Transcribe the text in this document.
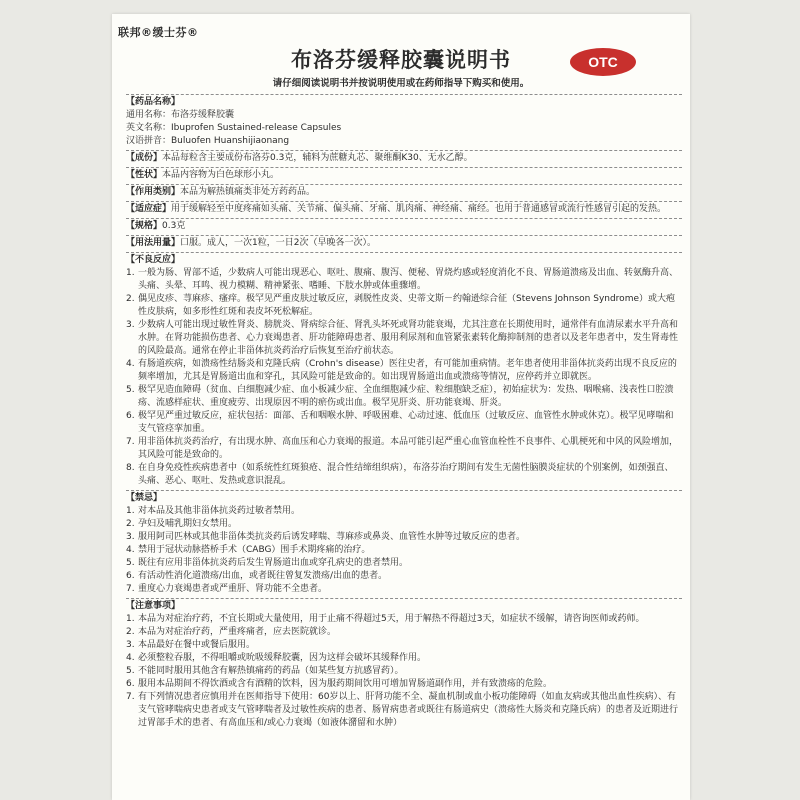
联邦®缓士芬®
布洛芬缓释胶囊说明书	OTC
请仔细阅读说明书并按说明使用或在药师指导下购买和使用。
【药品名称】
通用名称：布洛芬缓释胶囊
英文名称：Ibuprofen Sustained-release Capsules
汉语拼音：Buluofen Huanshijiaonang
【成份】本品每粒含主要成份布洛芬0.3克，辅料为蔗糖丸芯、聚维酮K30、无水乙醇。
【性状】本品内容物为白色球形小丸。
【作用类别】本品为解热镇痛类非处方药药品。
【适应症】用于缓解轻至中度疼痛如头痛、关节痛、偏头痛、牙痛、肌肉痛、神经痛、痛经。也用于普通感冒或流行性感冒引起的发热。
【规格】0.3克
【用法用量】口服。成人，一次1粒，一日2次（早晚各一次）。
【不良反应】
1. 一般为肠、胃部不适，少数病人可能出现恶心、呕吐、腹痛、腹泻、便秘、胃烧灼感或轻度消化不良、胃肠道溃疡及出血、转氨酶升高、头痛、头晕、耳鸣、视力模糊、精神紧张、嗜睡、下肢水肿或体重骤增。
2. 偶见皮疹、荨麻疹、瘙痒。极罕见严重皮肤过敏反应，剥脱性皮炎、史蒂文斯－约翰逊综合征（Stevens Johnson Syndrome）或大疱性皮肤病，如多形性红斑和表皮坏死松解症。
3. 少数病人可能出现过敏性肾炎、膀胱炎、肾病综合征、肾乳头坏死或肾功能衰竭，尤其注意在长期使用时，通常伴有血清尿素水平升高和水肿。在肾功能损伤患者、心力衰竭患者、肝功能障碍患者、服用利尿剂和血管紧张素转化酶抑制剂的患者以及老年患者中，发生肾毒性的风险最高。通常在停止非甾体抗炎药治疗后恢复至治疗前状态。
4. 有肠道疾病，如溃疡性结肠炎和克隆氏病（Crohn's disease）医往史者，有可能加重病情。老年患者使用非甾体抗炎药出现不良反应的频率增加，尤其是胃肠道出血和穿孔，其风险可能是致命的。如出现胃肠道出血或溃疡等情况，应停药并立即就医。
5. 极罕见造血障碍（贫血、白细胞减少症、血小板减少症、全血细胞减少症、粒细胞缺乏症），初始症状为：发热、咽喉痛、浅表性口腔溃疡、流感样症状、重度疲劳、出现原因不明的瘀伤或出血。极罕见肝炎、肝功能衰竭、肝炎。
6. 极罕见严重过敏反应，症状包括：面部、舌和咽喉水肿、呼吸困难、心动过速、低血压（过敏反应、血管性水肿或休克）。极罕见哮喘和支气管痉挛加重。
7. 用非甾体抗炎药治疗，有出现水肿、高血压和心力衰竭的报道。本品可能引起严重心血管血栓性不良事件、心肌梗死和中风的风险增加，其风险可能是致命的。
8. 在自身免疫性疾病患者中（如系统性红斑狼疮、混合性结缔组织病），布洛芬治疗期间有发生无菌性脑膜炎症状的个别案例，如颈强直、头痛、恶心、呕吐、发热或意识混乱。
【禁忌】
1. 对本品及其他非甾体抗炎药过敏者禁用。
2. 孕妇及哺乳期妇女禁用。
3. 服用阿司匹林或其他非甾体类抗炎药后诱发哮喘、荨麻疹或鼻炎、血管性水肿等过敏反应的患者。
4. 禁用于冠状动脉搭桥手术（CABG）围手术期疼痛的治疗。
5. 既往有应用非甾体抗炎药后发生胃肠道出血或穿孔病史的患者禁用。
6. 有活动性消化道溃疡/出血，或者既往曾复发溃疡/出血的患者。
7. 重度心力衰竭患者或严重肝、肾功能不全患者。
【注意事项】
1. 本品为对症治疗药，不宜长期或大量使用，用于止痛不得超过5天，用于解热不得超过3天，如症状不缓解，请咨询医师或药师。
2. 本品为对症治疗药，严重疼痛者，应去医院就诊。
3. 本品最好在餐中或餐后服用。
4. 必须整粒吞服，不得咀嚼或吮吸缓释胶囊，因为这样会破坏其缓释作用。
5. 不能同时服用其他含有解热镇痛药的药品（如某些复方抗感冒药）。
6. 服用本品期间不得饮酒或含有酒精的饮料，因为服药期间饮用可增加胃肠道副作用，并有致溃疡的危险。
7. 有下列情况患者应慎用并在医师指导下使用：60岁以上、肝肾功能不全、凝血机制或血小板功能障碍（如血友病或其他出血性疾病）、有支气管哮喘病史患者或支气管哮喘者及过敏性疾病的患者、肠胃病患者或既往有肠道病史（溃疡性大肠炎和克隆氏病）的患者及近期进行过胃部手术的患者、有高血压和/或心力衰竭（如液体潴留和水肿）
